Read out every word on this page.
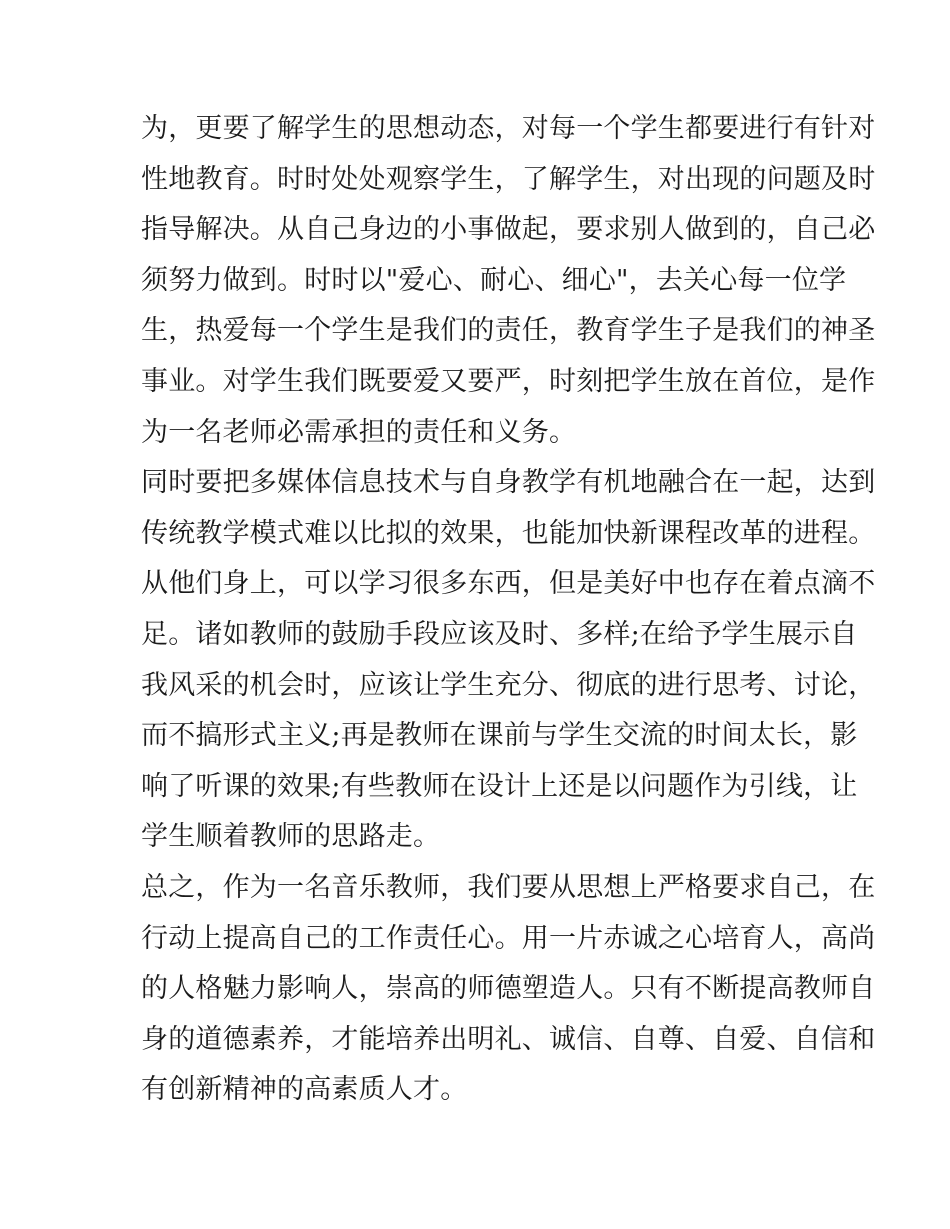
为，更要了解学生的思想动态，对每一个学生都要进行有针对
性地教育。时时处处观察学生，了解学生，对出现的问题及时
指导解决。从自己身边的小事做起，要求别人做到的，自己必
须努力做到。时时以"爱心、耐心、细心"，去关心每一位学
生，热爱每一个学生是我们的责任，教育学生子是我们的神圣
事业。对学生我们既要爱又要严，时刻把学生放在首位，是作
为一名老师必需承担的责任和义务。
同时要把多媒体信息技术与自身教学有机地融合在一起，达到
传统教学模式难以比拟的效果，也能加快新课程改革的进程。
从他们身上，可以学习很多东西，但是美好中也存在着点滴不
足。诸如教师的鼓励手段应该及时、多样;在给予学生展示自
我风采的机会时，应该让学生充分、彻底的进行思考、讨论，
而不搞形式主义;再是教师在课前与学生交流的时间太长，影
响了听课的效果;有些教师在设计上还是以问题作为引线，让
学生顺着教师的思路走。
总之，作为一名音乐教师，我们要从思想上严格要求自己，在
行动上提高自己的工作责任心。用一片赤诚之心培育人，高尚
的人格魅力影响人，崇高的师德塑造人。只有不断提高教师自
身的道德素养，才能培养出明礼、诚信、自尊、自爱、自信和
有创新精神的高素质人才。
